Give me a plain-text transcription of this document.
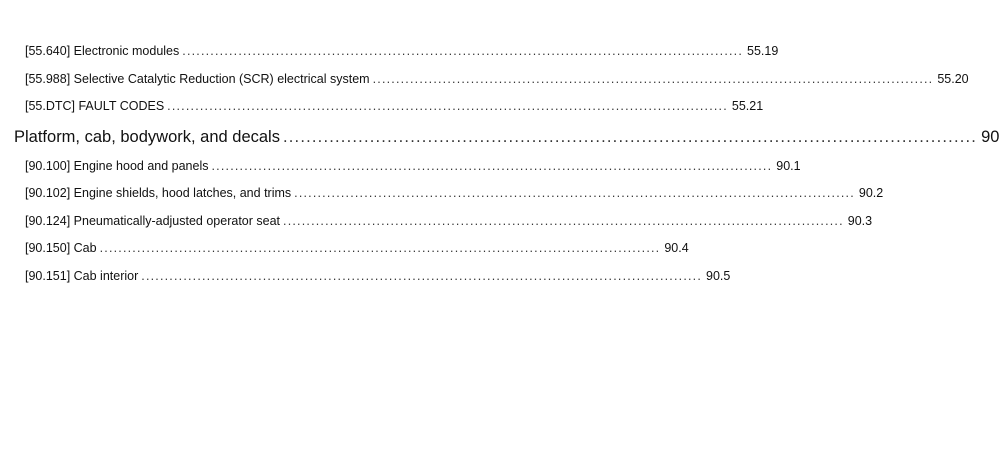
[55.640] Electronic modules ........................................................................................................................ 55.19
[55.988] Selective Catalytic Reduction (SCR) electrical system ........................................................................................................................ 55.20
[55.DTC] FAULT CODES ........................................................................................................................ 55.21
Platform, cab, bodywork, and decals ........................................................................................................................ 90
[90.100] Engine hood and panels ........................................................................................................................ 90.1
[90.102] Engine shields, hood latches, and trims ........................................................................................................................ 90.2
[90.124] Pneumatically-adjusted operator seat ........................................................................................................................ 90.3
[90.150] Cab ........................................................................................................................ 90.4
[90.151] Cab interior ........................................................................................................................ 90.5
